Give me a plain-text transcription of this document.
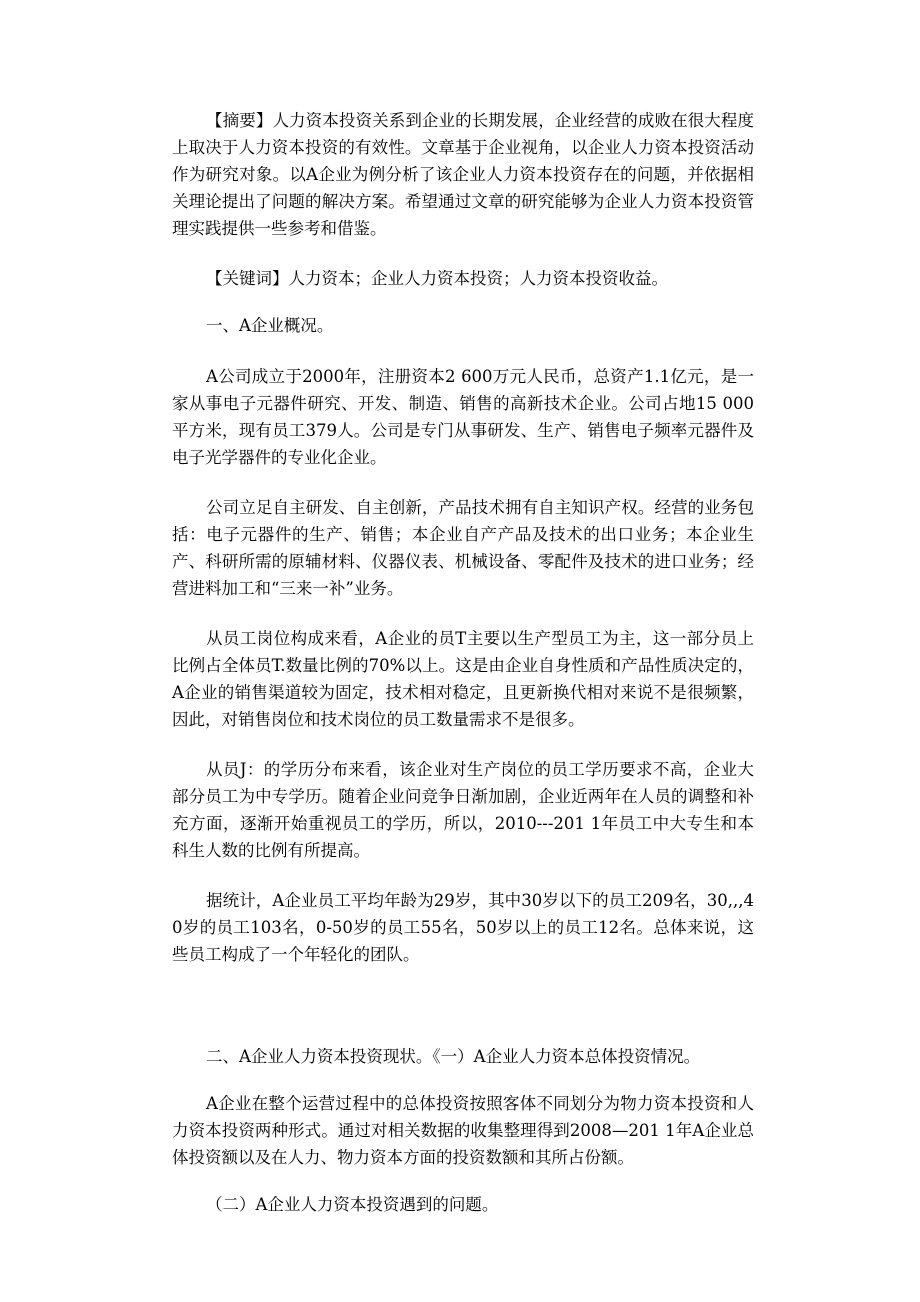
【摘要】人力资本投资关系到企业的长期发展，企业经营的成败在很大程度上取决于人力资本投资的有效性。文章基于企业视角，以企业人力资本投资活动作为研究对象。以A企业为例分析了该企业人力资本投资存在的问题，并依据相关理论提出了问题的解决方案。希望通过文章的研究能够为企业人力资本投资管理实践提供一些参考和借鉴。

【关键词】人力资本；企业人力资本投资；人力资本投资收益。

一、A企业概况。

A公司成立于2000年，注册资本2 600万元人民币，总资产1.1亿元，是一家从事电子元器件研究、开发、制造、销售的高新技术企业。公司占地15 000平方米，现有员工379人。公司是专门从事研发、生产、销售电子频率元器件及电子光学器件的专业化企业。

公司立足自主研发、自主创新，产品技术拥有自主知识产权。经营的业务包括：电子元器件的生产、销售；本企业自产产品及技术的出口业务；本企业生产、科研所需的原辅材料、仪器仪表、机械设备、零配件及技术的进口业务；经营进料加工和“三来一补”业务。

从员工岗位构成来看，A企业的员T主要以生产型员工为主，这一部分员上比例占全体员T.数量比例的70%以上。这是由企业自身性质和产品性质决定的，A企业的销售渠道较为固定，技术相对稳定，且更新换代相对来说不是很频繁，因此，对销售岗位和技术岗位的员工数量需求不是很多。

从员J：的学历分布来看，该企业对生产岗位的员工学历要求不高，企业大部分员工为中专学历。随着企业问竞争日渐加剧，企业近两年在人员的调整和补充方面，逐渐开始重视员工的学历，所以，2010---201 1年员工中大专生和本科生人数的比例有所提高。

据统计，A企业员工平均年龄为29岁，其中30岁以下的员工209名，30,,,40岁的员工103名，0-50岁的员工55名，50岁以上的员工12名。总体来说，这些员工构成了一个年轻化的团队。

二、A企业人力资本投资现状。《一）A企业人力资本总体投资情况。

A企业在整个运营过程中的总体投资按照客体不同划分为物力资本投资和人力资本投资两种形式。通过对相关数据的收集整理得到2008—201 1年A企业总体投资额以及在人力、物力资本方面的投资数额和其所占份额。

（二）A企业人力资本投资遇到的问题。
